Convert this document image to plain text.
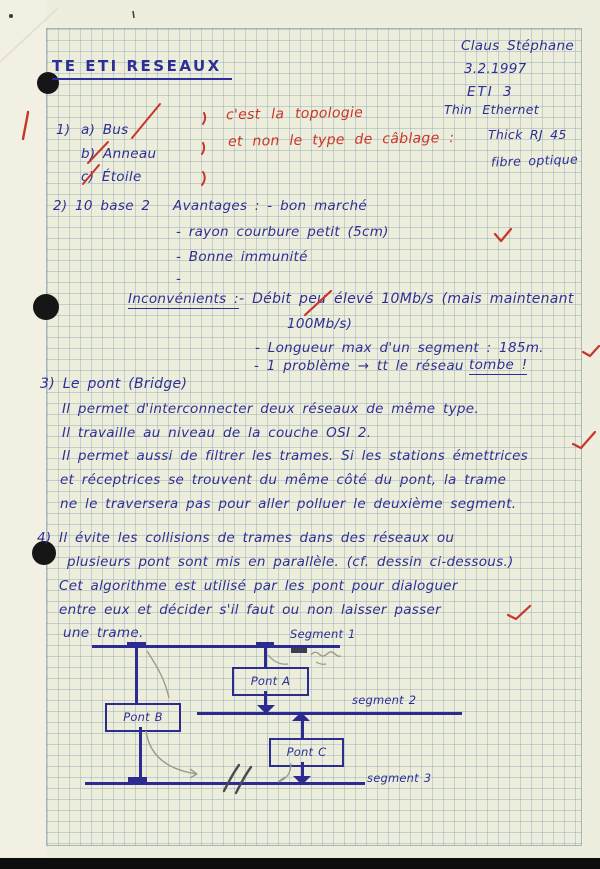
TE ETI RESEAUX
Claus Stéphane
3.2.1997
ETI 3
1) a) Bus
b) Anneau
c) Étoile
c'est la topologie
et non le type de câblage :
Thin Ethernet
Thick RJ 45
fibre optique
2) 10 base 2   Avantages : - bon marché
- rayon courbure petit (5cm)
- Bonne immunité
-
Inconvénients : - Débit peu élevé 10Mb/s (mais maintenant
100Mb/s)
- Longueur max d'un segment : 185m.
- 1 problème → tt le réseau tombe !
3) Le pont (Bridge)
Il permet d'interconnecter deux réseaux de même type.
Il travaille au niveau de la couche OSI 2.
Il permet aussi de filtrer les trames. Si les stations émettrices
et réceptrices se trouvent du même côté du pont, la trame
ne le traversera pas pour aller polluer le deuxième segment.
4) Il évite les collisions de trames dans des réseaux ou
plusieurs pont sont mis en parallèle. (cf. dessin ci-dessous.)
Cet algorithme est utilisé par les pont pour dialoguer
entre eux et décider s'il faut ou non laisser passer
une trame.	Segment 1
Pont B
Pont A
segment 2
Pont C
segment 3
